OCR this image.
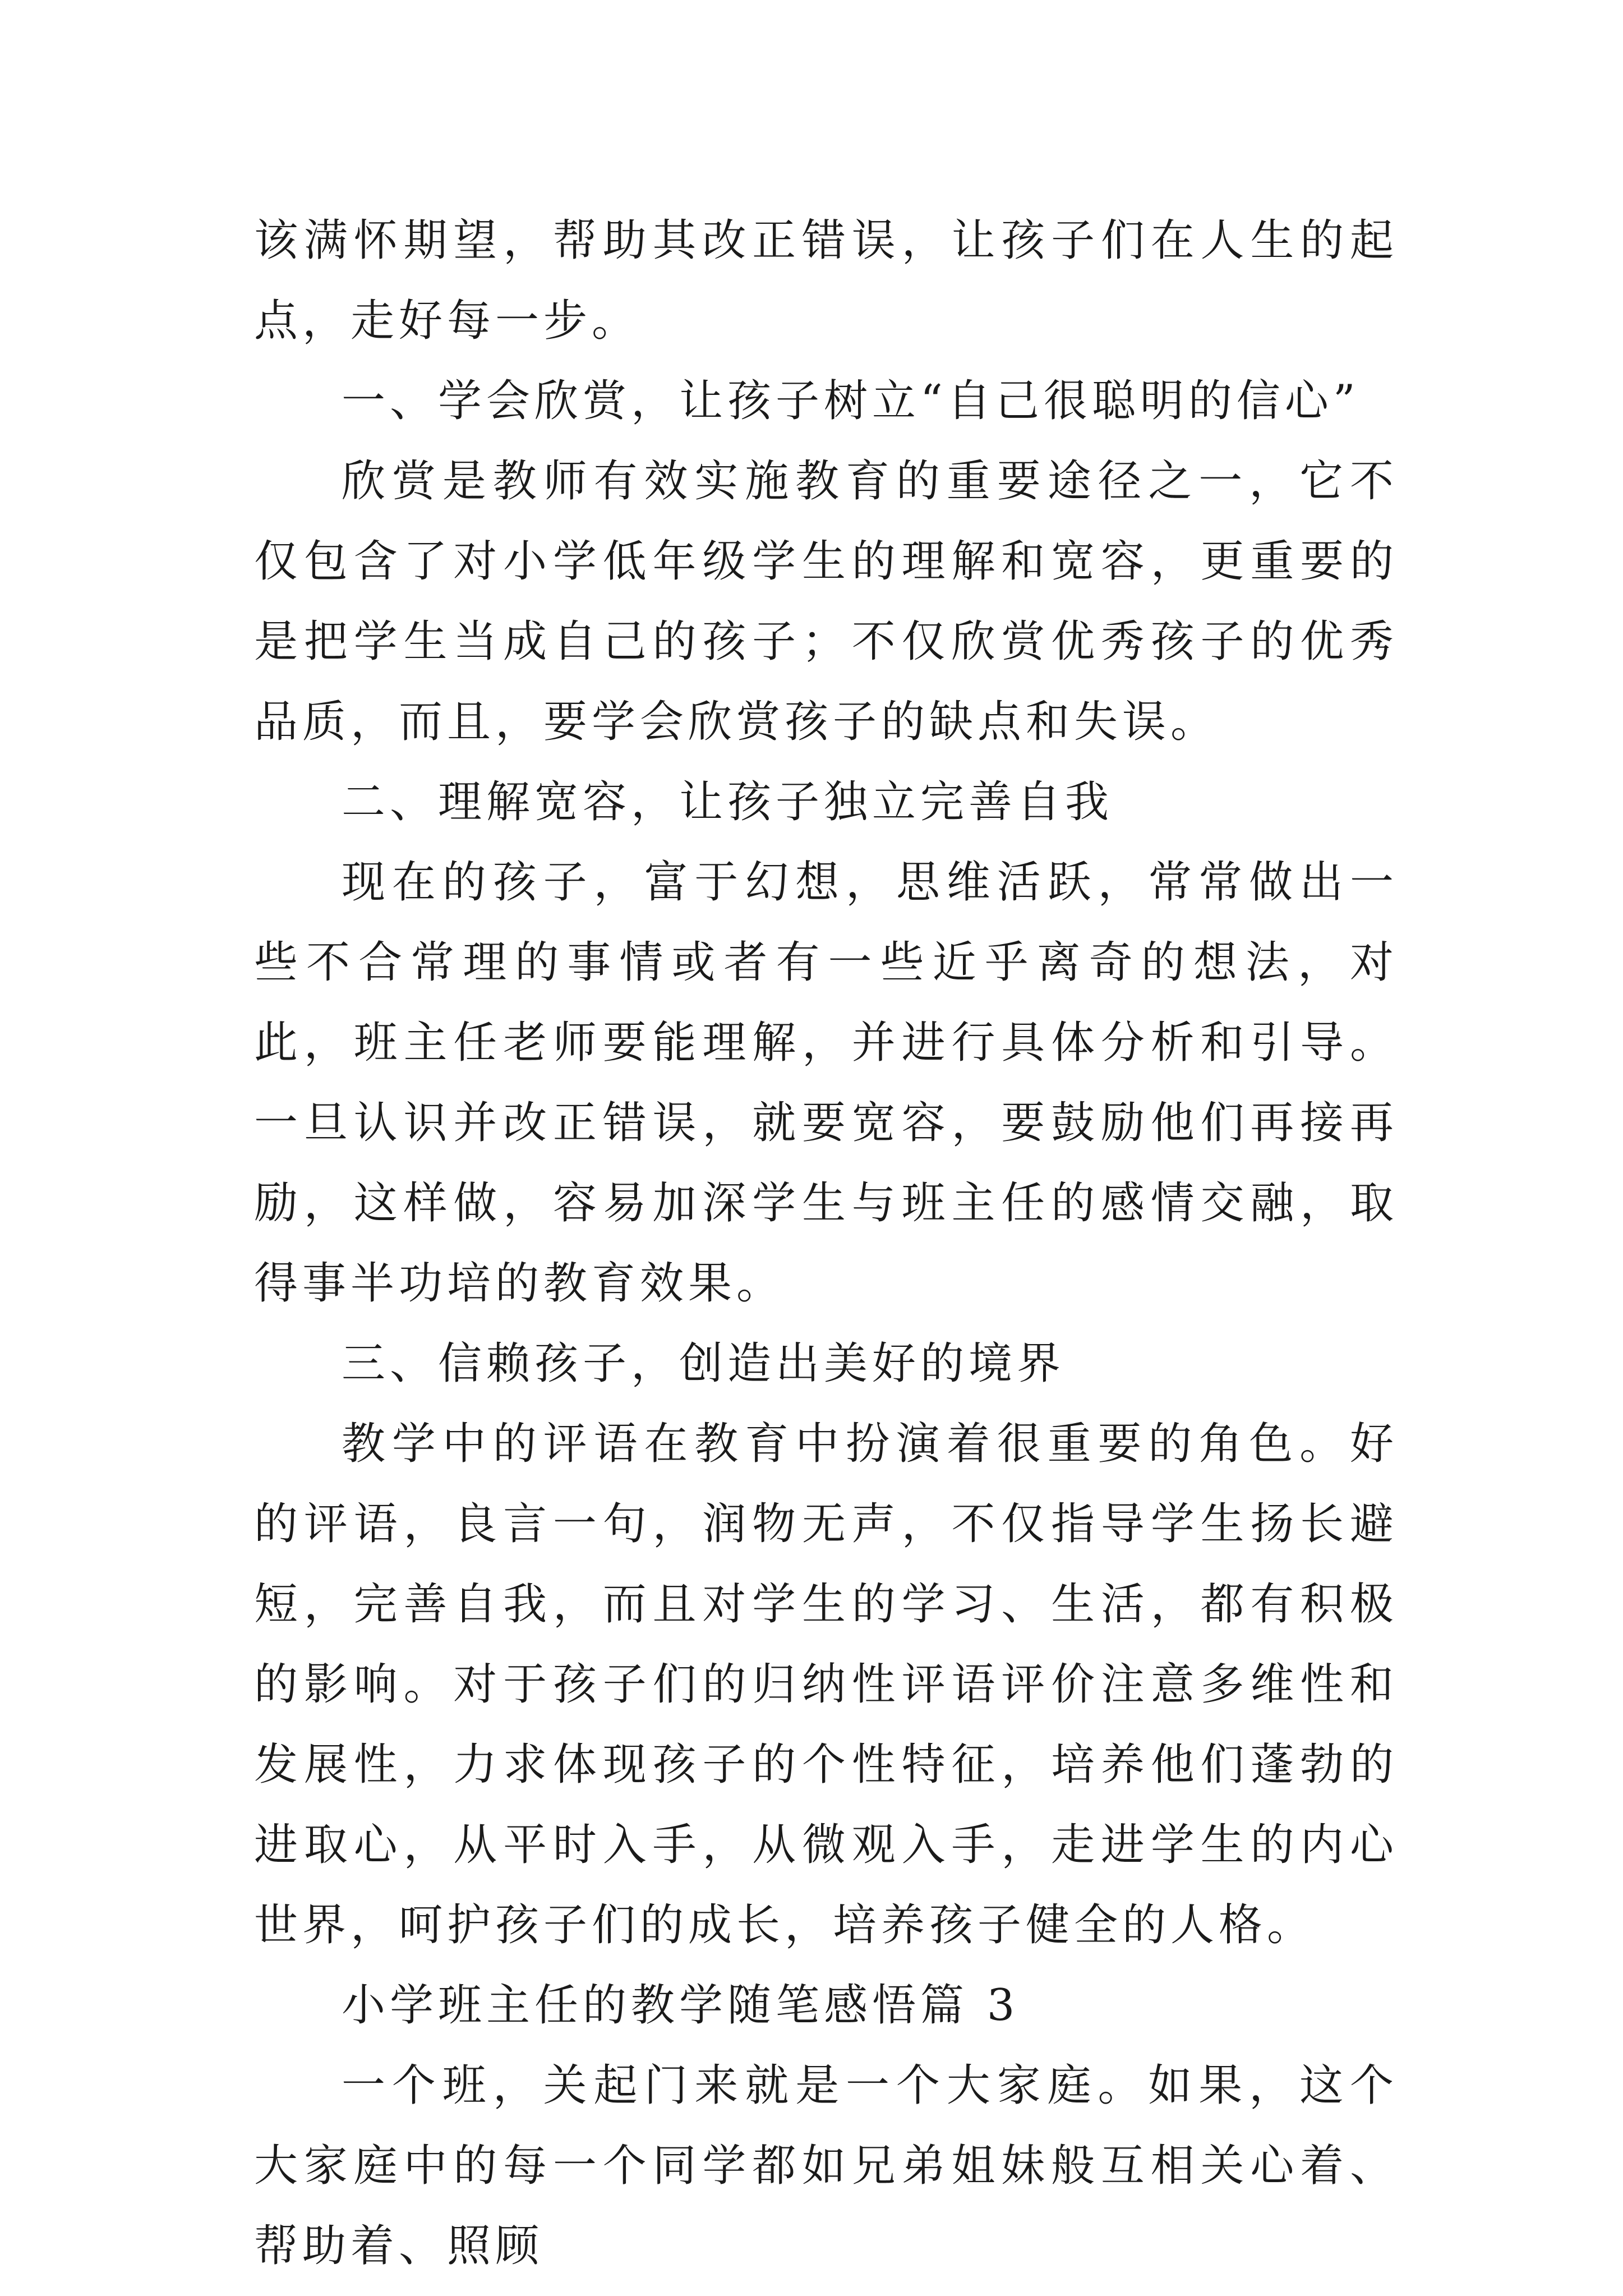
该满怀期望，帮助其改正错误，让孩子们在人生的起点，走好每一步。

一、学会欣赏，让孩子树立“自己很聪明的信心”

欣赏是教师有效实施教育的重要途径之一，它不仅包含了对小学低年级学生的理解和宽容，更重要的是把学生当成自己的孩子；不仅欣赏优秀孩子的优秀品质，而且，要学会欣赏孩子的缺点和失误。

二、理解宽容，让孩子独立完善自我

现在的孩子，富于幻想，思维活跃，常常做出一些不合常理的事情或者有一些近乎离奇的想法，对此，班主任老师要能理解，并进行具体分析和引导。一旦认识并改正错误，就要宽容，要鼓励他们再接再励，这样做，容易加深学生与班主任的感情交融，取得事半功培的教育效果。

三、信赖孩子，创造出美好的境界

教学中的评语在教育中扮演着很重要的角色。好的评语，良言一句，润物无声，不仅指导学生扬长避短，完善自我，而且对学生的学习、生活，都有积极的影响。对于孩子们的归纳性评语评价注意多维性和发展性，力求体现孩子的个性特征，培养他们蓬勃的进取心，从平时入手，从微观入手，走进学生的内心世界，呵护孩子们的成长，培养孩子健全的人格。

小学班主任的教学随笔感悟篇 3

一个班，关起门来就是一个大家庭。如果，这个大家庭中的每一个同学都如兄弟姐妹般互相关心着、帮助着、照顾
